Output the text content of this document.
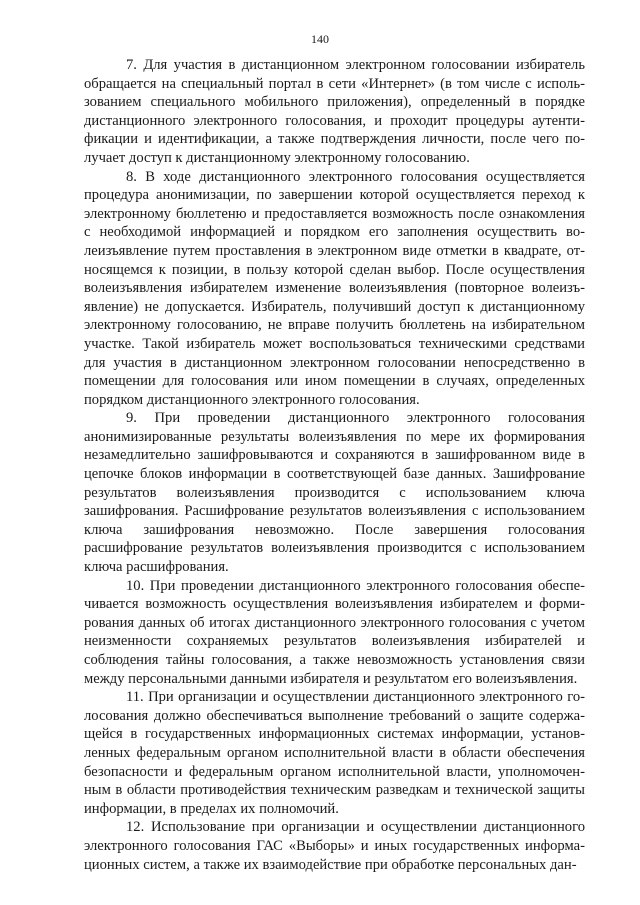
140

7. Для участия в дистанционном электронном голосовании избиратель обращается на специальный портал в сети «Интернет» (в том числе с использованием специального мобильного приложения), определенный в порядке дистанционного электронного голосования, и проходит процедуры аутентификации и идентификации, а также подтверждения личности, после чего получает доступ к дистанционному электронному голосованию.

8. В ходе дистанционного электронного голосования осуществляется процедура анонимизации, по завершении которой осуществляется переход к электронному бюллетеню и предоставляется возможность после ознакомления с необходимой информацией и порядком его заполнения осуществить волеизъявление путем проставления в электронном виде отметки в квадрате, относящемся к позиции, в пользу которой сделан выбор. После осуществления волеизъявления избирателем изменение волеизъявления (повторное волеизъявление) не допускается. Избиратель, получивший доступ к дистанционному электронному голосованию, не вправе получить бюллетень на избирательном участке. Такой избиратель может воспользоваться техническими средствами для участия в дистанционном электронном голосовании непосредственно в помещении для голосования или ином помещении в случаях, определенных порядком дистанционного электронного голосования.

9. При проведении дистанционного электронного голосования анонимизированные результаты волеизъявления по мере их формирования незамедлительно зашифровываются и сохраняются в зашифрованном виде в цепочке блоков информации в соответствующей базе данных. Зашифрование результатов волеизъявления производится с использованием ключа зашифрования. Расшифрование результатов волеизъявления с использованием ключа зашифрования невозможно. После завершения голосования расшифрование результатов волеизъявления производится с использованием ключа расшифрования.

10. При проведении дистанционного электронного голосования обеспечивается возможность осуществления волеизъявления избирателем и формирования данных об итогах дистанционного электронного голосования с учетом неизменности сохраняемых результатов волеизъявления избирателей и соблюдения тайны голосования, а также невозможность установления связи между персональными данными избирателя и результатом его волеизъявления.

11. При организации и осуществлении дистанционного электронного голосования должно обеспечиваться выполнение требований о защите содержащейся в государственных информационных системах информации, установленных федеральным органом исполнительной власти в области обеспечения безопасности и федеральным органом исполнительной власти, уполномоченным в области противодействия техническим разведкам и технической защиты информации, в пределах их полномочий.

12. Использование при организации и осуществлении дистанционного электронного голосования ГАС «Выборы» и иных государственных информационных систем, а также их взаимодействие при обработке персональных дан-
